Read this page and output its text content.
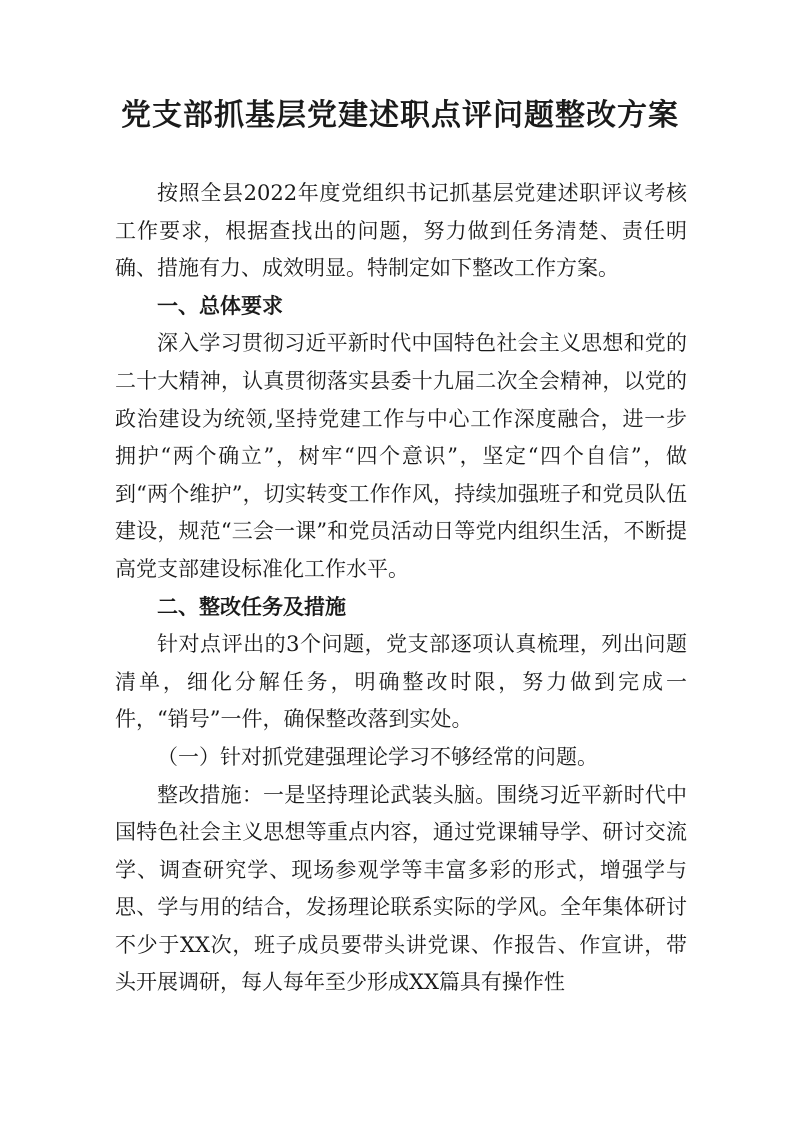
党支部抓基层党建述职点评问题整改方案

按照全县2022年度党组织书记抓基层党建述职评议考核工作要求，根据查找出的问题，努力做到任务清楚、责任明确、措施有力、成效明显。特制定如下整改工作方案。

一、总体要求

深入学习贯彻习近平新时代中国特色社会主义思想和党的二十大精神，认真贯彻落实县委十九届二次全会精神，以党的政治建设为统领,坚持党建工作与中心工作深度融合，进一步拥护“两个确立”，树牢“四个意识”，坚定“四个自信”，做到“两个维护”，切实转变工作作风，持续加强班子和党员队伍建设，规范“三会一课”和党员活动日等党内组织生活，不断提高党支部建设标准化工作水平。

二、整改任务及措施

针对点评出的3个问题，党支部逐项认真梳理，列出问题清单，细化分解任务，明确整改时限，努力做到完成一件，“销号”一件，确保整改落到实处。

（一）针对抓党建强理论学习不够经常的问题。

整改措施：一是坚持理论武装头脑。围绕习近平新时代中国特色社会主义思想等重点内容，通过党课辅导学、研讨交流学、调查研究学、现场参观学等丰富多彩的形式，增强学与思、学与用的结合，发扬理论联系实际的学风。全年集体研讨不少于XX次，班子成员要带头讲党课、作报告、作宣讲，带头开展调研，每人每年至少形成XX篇具有操作性
